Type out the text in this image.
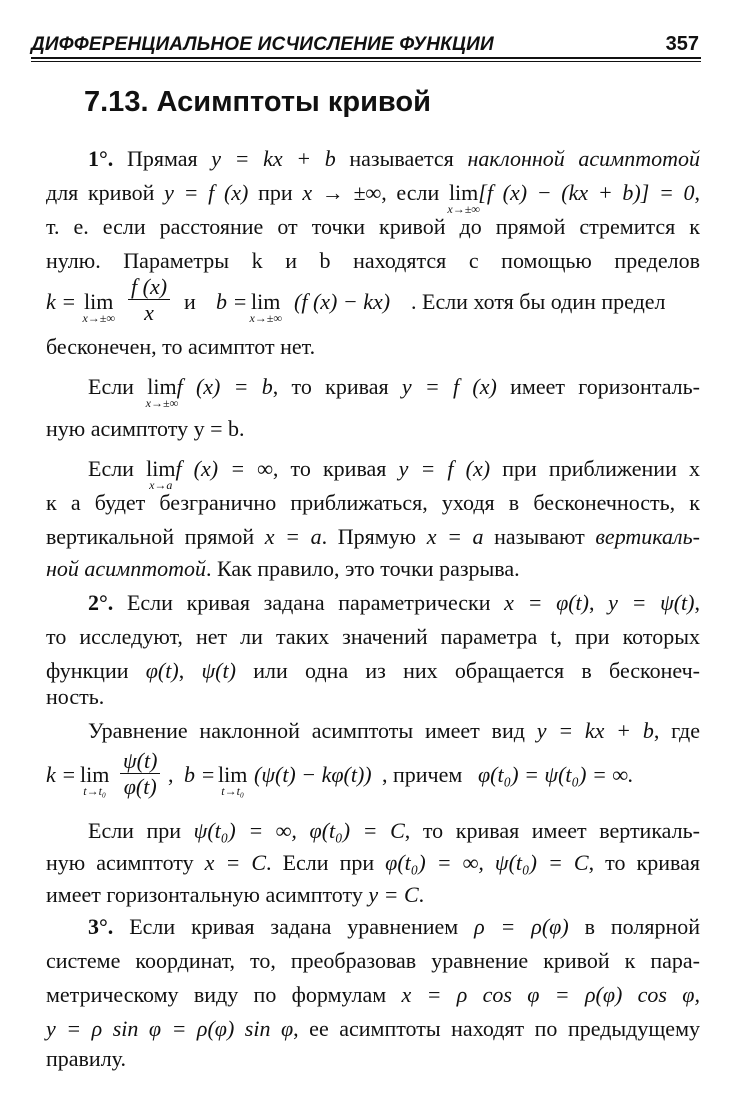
ДИФФЕРЕНЦИАЛЬНОЕ ИСЧИСЛЕНИЕ ФУНКЦИИ	357
7.13. Асимптоты кривой
1°. Прямая y = kx + b называется наклонной асимптотой
для кривой y = f (x) при x → ±∞, если lim
x→±∞
[f (x) − (kx + b)] = 0,
т. е. если расстояние от точки кривой до прямой стремится к
нулю. Параметры k и b находятся с помощью пределов
k = lim
$x\to\pm\infty \frac{f (x)}{x}$ и b = lim
x→±∞
(f (x) − kx) . Если хотя бы один предел
бесконечен, то асимптот нет.
Если lim
x→±∞
f (x) = b, то кривая y = f (x) имеет горизонталь-
ную асимптоту y = b.
Если lim
x→a
f (x) = ∞, то кривая y = f (x) при приближении x
к a будет безгранично приближаться, уходя в бесконечность, к
вертикальной прямой x = a. Прямую x = a называют вертикаль-
ной асимптотой. Как правило, это точки разрыва.
2°. Если кривая задана параметрически x = φ(t), y = ψ(t),
то исследуют, нет ли таких значений параметра t, при которых
функции φ(t), ψ(t) или одна из них обращается в бесконеч-
ность.
Уравнение наклонной асимптоты имеет вид y = kx + b, где
k = lim
$t\to t_0 \frac{\psi(t)}{\varphi(t)}$ , b = lim
t→t₀
(ψ(t) − kφ(t)) , причем φ(t₀) = ψ(t₀) = ∞.
Если при ψ(t₀) = ∞, φ(t₀) = C, то кривая имеет вертикаль-
ную асимптоту x = C. Если при φ(t₀) = ∞, ψ(t₀) = C, то кривая
имеет горизонтальную асимптоту y = C.
3°. Если кривая задана уравнением ρ = ρ(φ) в полярной
системе координат, то, преобразовав уравнение кривой к пара-
метрическому виду по формулам x = ρ cos φ = ρ(φ) cos φ,
y = ρ sin φ = ρ(φ) sin φ, ее асимптоты находят по предыдущему
правилу.
